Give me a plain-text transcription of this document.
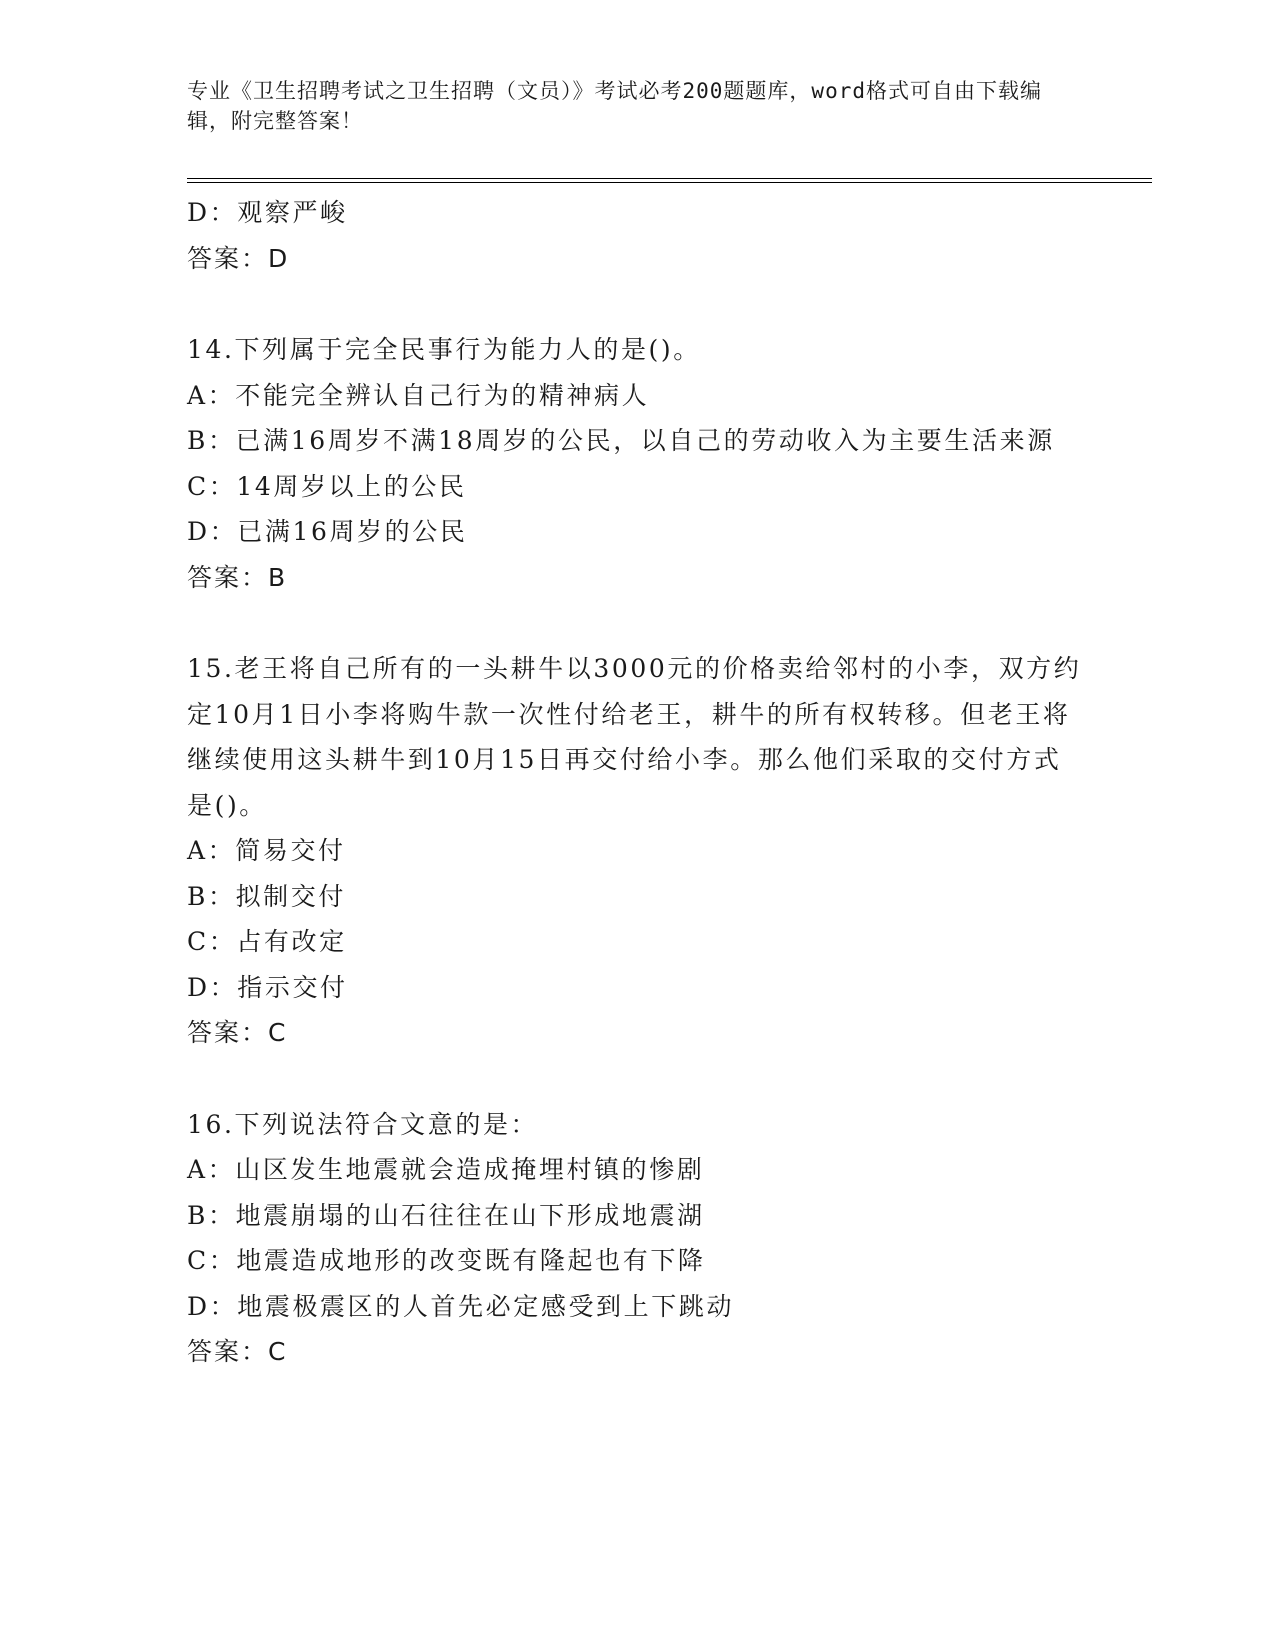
专业《卫生招聘考试之卫生招聘（文员）》考试必考200题题库，word格式可自由下载编辑，附完整答案！
D：观察严峻
答案：D
14.下列属于完全民事行为能力人的是()。
A：不能完全辨认自己行为的精神病人
B：已满16周岁不满18周岁的公民，以自己的劳动收入为主要生活来源
C：14周岁以上的公民
D：已满16周岁的公民
答案：B
15.老王将自己所有的一头耕牛以3000元的价格卖给邻村的小李，双方约定10月1日小李将购牛款一次性付给老王，耕牛的所有权转移。但老王将继续使用这头耕牛到10月15日再交付给小李。那么他们采取的交付方式是()。
A：简易交付
B：拟制交付
C：占有改定
D：指示交付
答案：C
16.下列说法符合文意的是：
A：山区发生地震就会造成掩埋村镇的惨剧
B：地震崩塌的山石往往在山下形成地震湖
C：地震造成地形的改变既有隆起也有下降
D：地震极震区的人首先必定感受到上下跳动
答案：C
